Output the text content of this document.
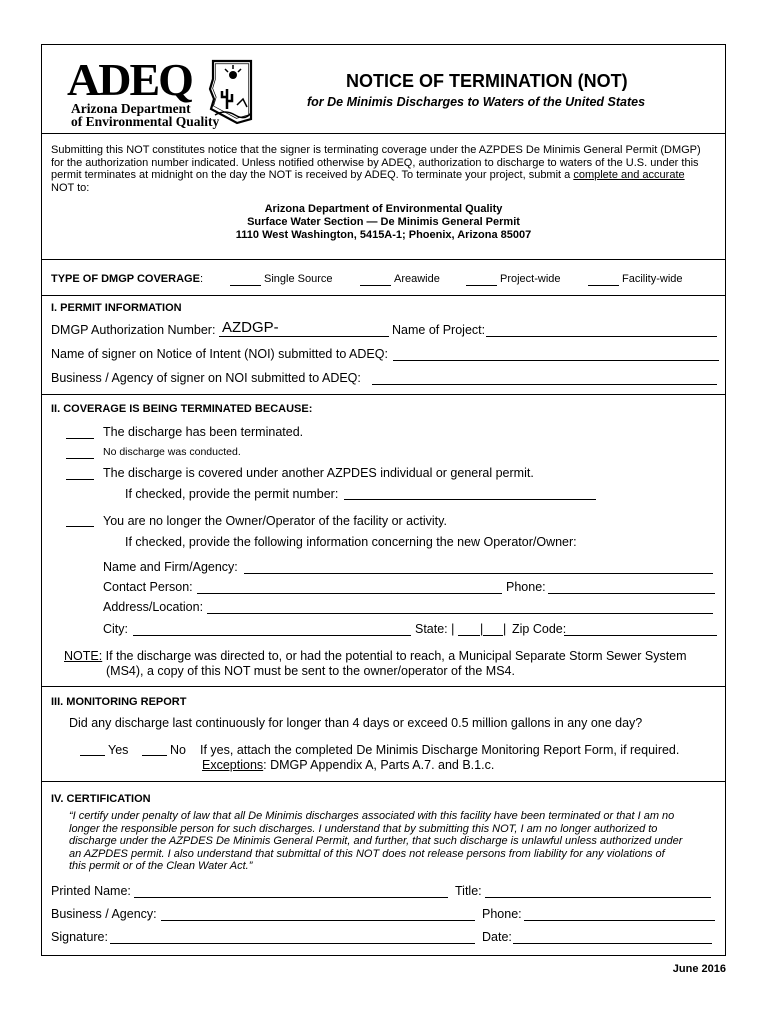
ADEQ
Arizona Department
of Environmental Quality
NOTICE OF TERMINATION (NOT)
for De Minimis Discharges to Waters of the United States
Submitting this NOT constitutes notice that the signer is terminating coverage under the AZPDES De Minimis General Permit (DMGP)
for the authorization number indicated. Unless notified otherwise by ADEQ, authorization to discharge to waters of the U.S. under this
permit terminates at midnight on the day the NOT is received by ADEQ. To terminate your project, submit a complete and accurate
NOT to:
Arizona Department of Environmental Quality
Surface Water Section — De Minimis General Permit
1110 West Washington, 5415A-1; Phoenix, Arizona 85007
TYPE OF DMGP COVERAGE:	Single Source	Areawide	Project-wide	Facility-wide
I. PERMIT INFORMATION
DMGP Authorization Number: AZDGP-	Name of Project:
Name of signer on Notice of Intent (NOI) submitted to ADEQ:
Business / Agency of signer on NOI submitted to ADEQ:
II. COVERAGE IS BEING TERMINATED BECAUSE:
The discharge has been terminated.
No discharge was conducted.
The discharge is covered under another AZPDES individual or general permit.
If checked, provide the permit number:
You are no longer the Owner/Operator of the facility or activity.
If checked, provide the following information concerning the new Operator/Owner:
Name and Firm/Agency:
Contact Person:	Phone:
Address/Location:
City:	State: | | | Zip Code:
NOTE: If the discharge was directed to, or had the potential to reach, a Municipal Separate Storm Sewer System
(MS4), a copy of this NOT must be sent to the owner/operator of the MS4.
III. MONITORING REPORT
Did any discharge last continuously for longer than 4 days or exceed 0.5 million gallons in any one day?
Yes	No If yes, attach the completed De Minimis Discharge Monitoring Report Form, if required.
Exceptions: DMGP Appendix A, Parts A.7. and B.1.c.
IV. CERTIFICATION
“I certify under penalty of law that all De Minimis discharges associated with this facility have been terminated or that I am no
longer the responsible person for such discharges. I understand that by submitting this NOT, I am no longer authorized to
discharge under the AZPDES De Minimis General Permit, and further, that such discharge is unlawful unless authorized under
an AZPDES permit. I also understand that submittal of this NOT does not release persons from liability for any violations of
this permit or of the Clean Water Act.”
Printed Name:	Title:
Business / Agency:	Phone:
Signature:	Date:
June 2016
